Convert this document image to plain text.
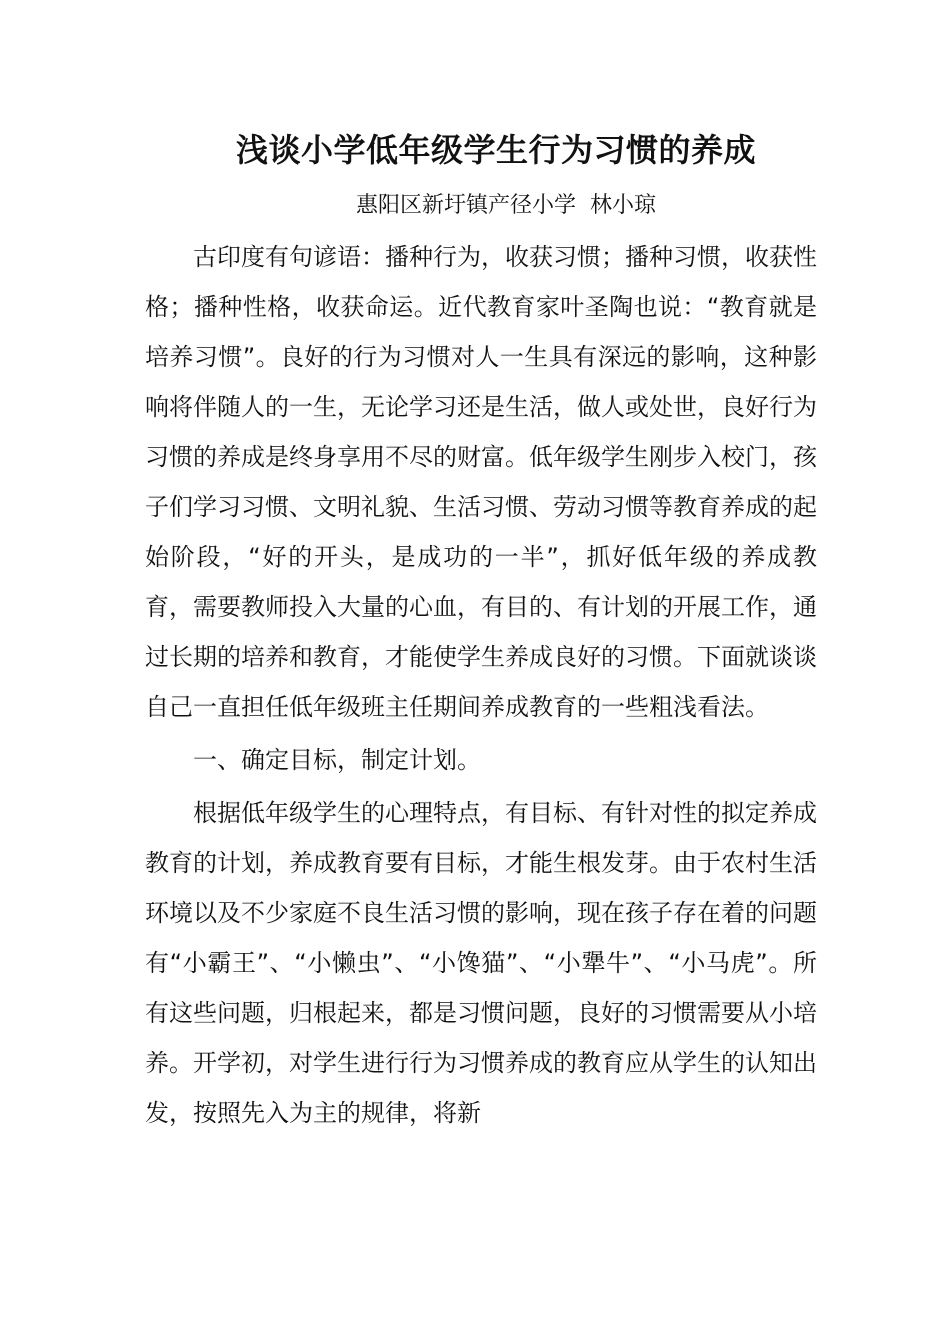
浅谈小学低年级学生行为习惯的养成
惠阳区新圩镇产径小学 林小琼

古印度有句谚语：播种行为，收获习惯；播种习惯，收获性格；播种性格，收获命运。近代教育家叶圣陶也说：“教育就是培养习惯”。良好的行为习惯对人一生具有深远的影响，这种影响将伴随人的一生，无论学习还是生活，做人或处世，良好行为习惯的养成是终身享用不尽的财富。低年级学生刚步入校门，孩子们学习习惯、文明礼貌、生活习惯、劳动习惯等教育养成的起始阶段，“好的开头，是成功的一半”，抓好低年级的养成教育，需要教师投入大量的心血，有目的、有计划的开展工作，通过长期的培养和教育，才能使学生养成良好的习惯。下面就谈谈自己一直担任低年级班主任期间养成教育的一些粗浅看法。

一、确定目标，制定计划。

根据低年级学生的心理特点，有目标、有针对性的拟定养成教育的计划，养成教育要有目标，才能生根发芽。由于农村生活环境以及不少家庭不良生活习惯的影响，现在孩子存在着的问题有“小霸王”、“小懒虫”、“小馋猫”、“小犟牛”、“小马虎”。所有这些问题，归根起来，都是习惯问题，良好的习惯需要从小培养。开学初，对学生进行行为习惯养成的教育应从学生的认知出发，按照先入为主的规律，将新
